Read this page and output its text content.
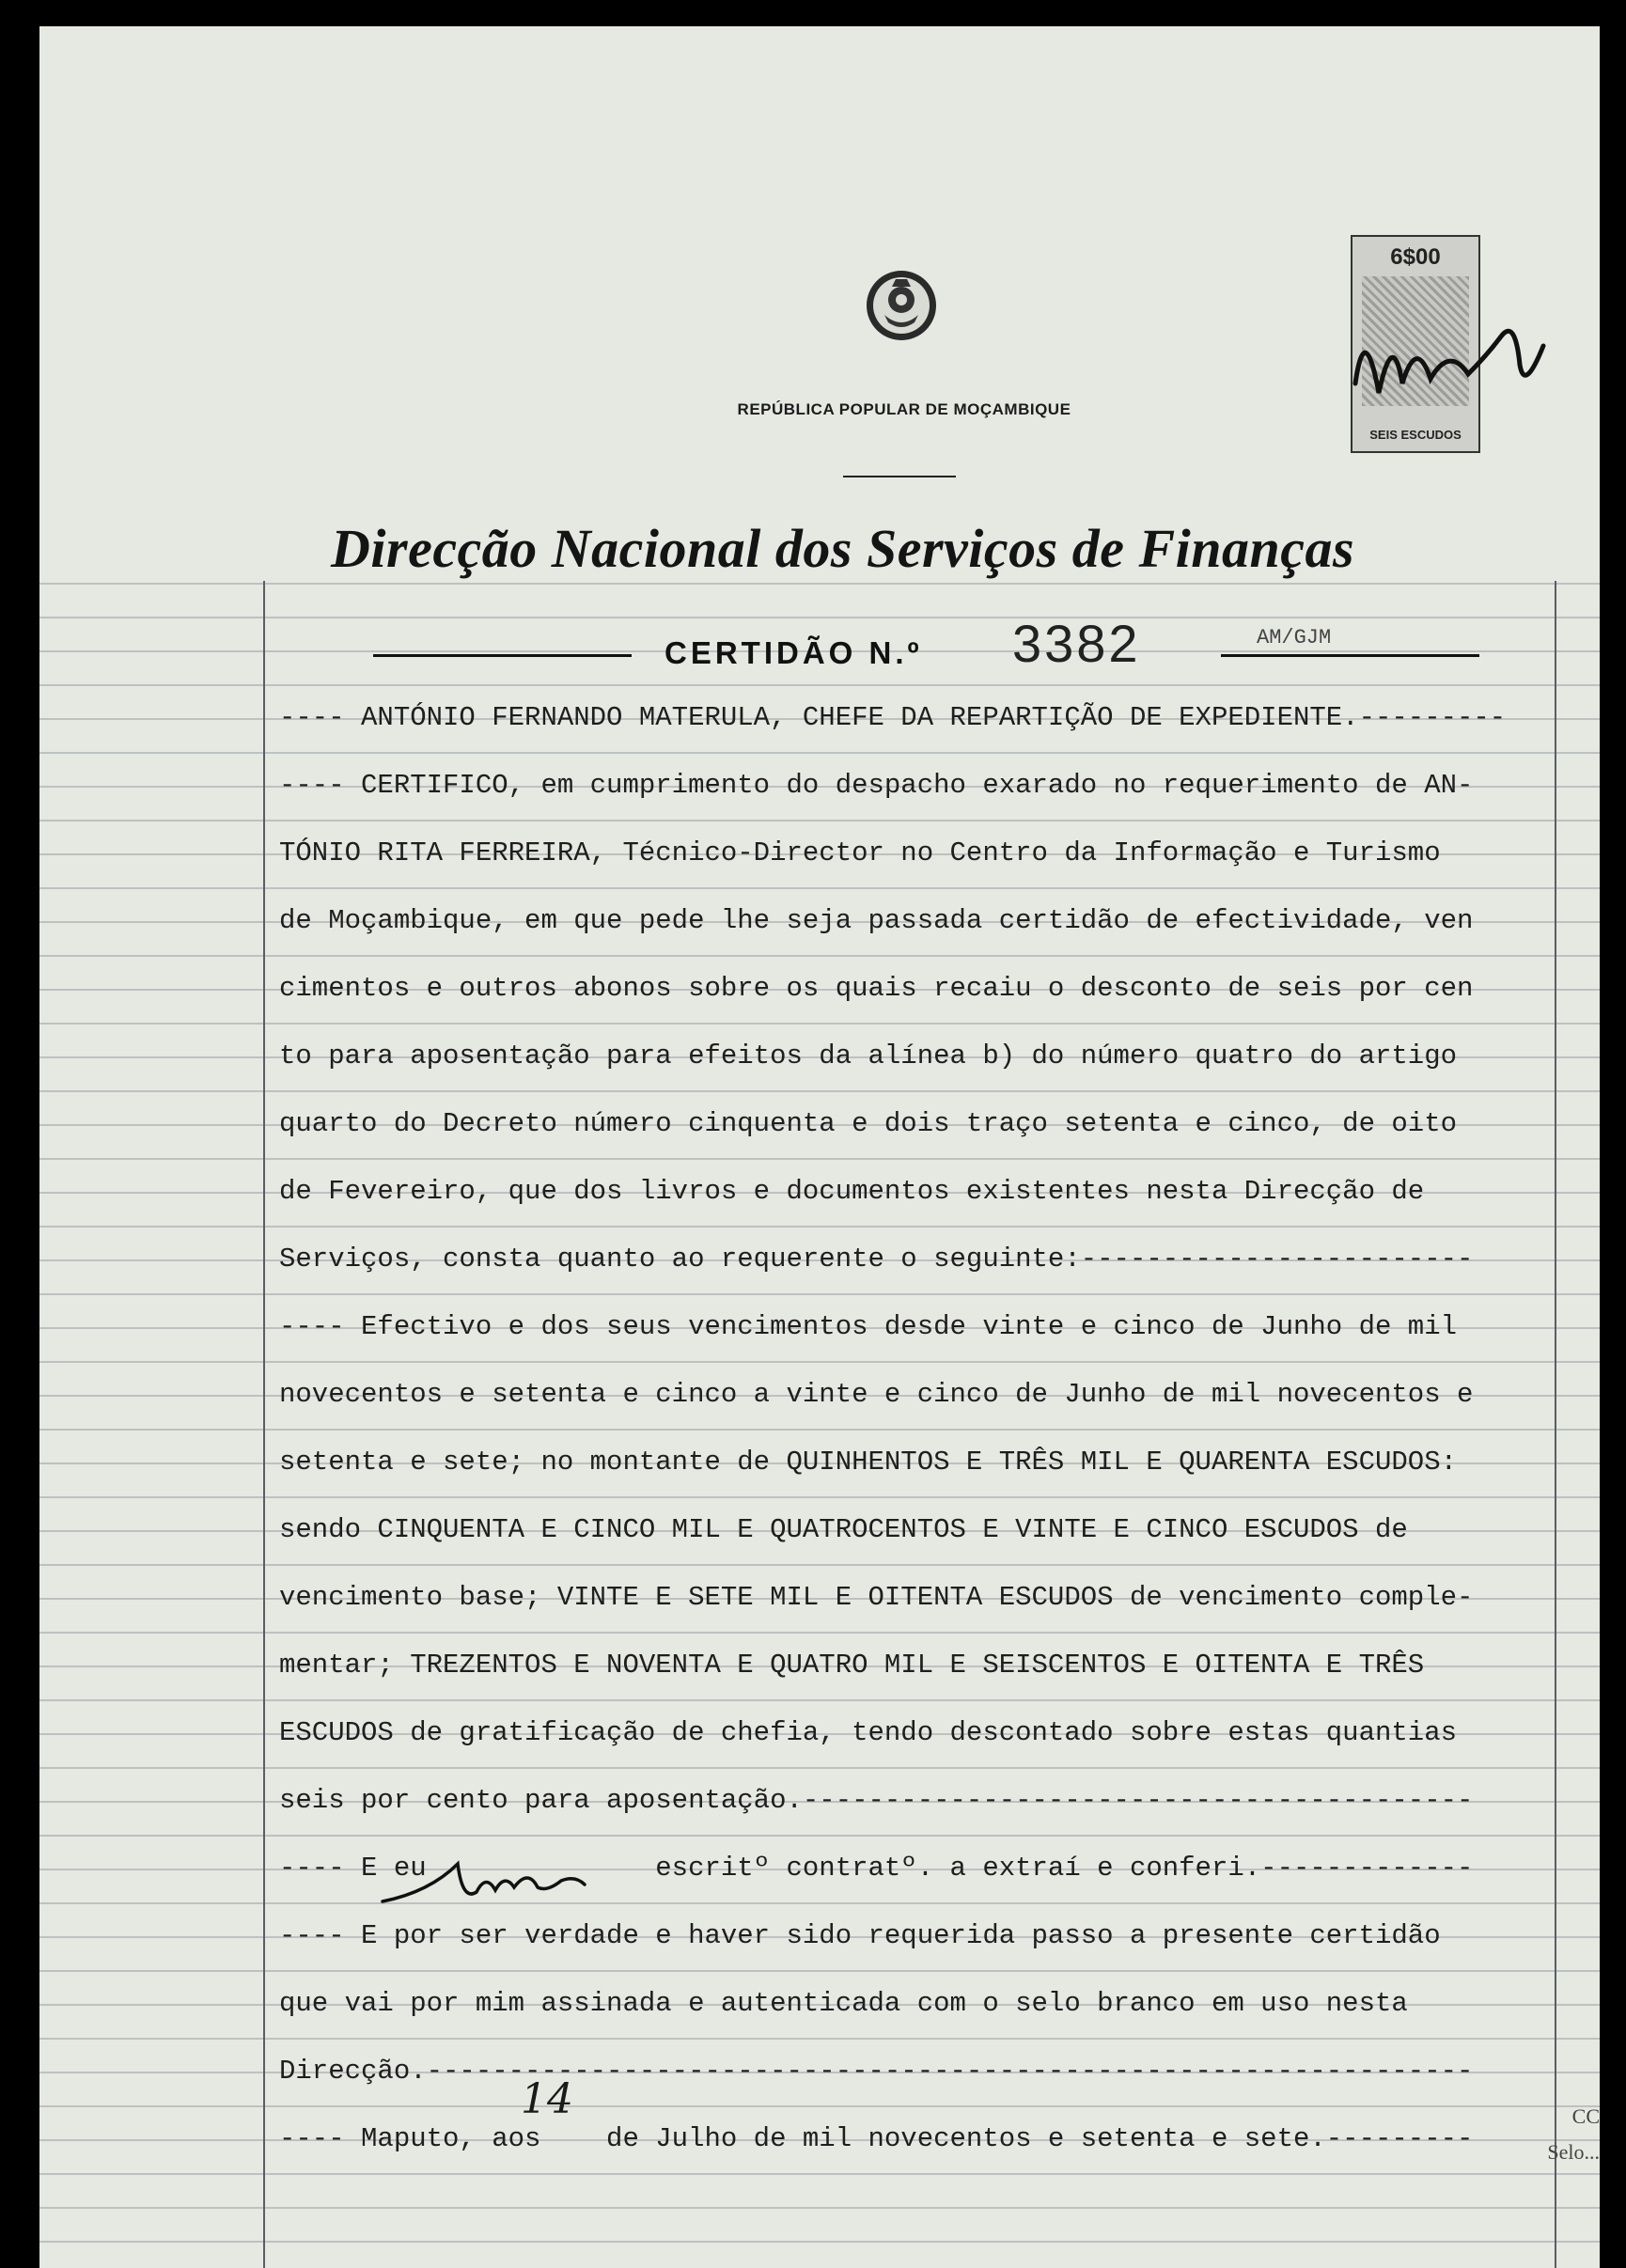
REPÚBLICA POPULAR DE MOÇAMBIQUE
6$00
SEIS ESCUDOS
Direcção Nacional dos Serviços de Finanças
CERTIDÃO N.º 3382	AM/GJM
---- ANTÓNIO FERNANDO MATERULA, CHEFE DA REPARTIÇÃO DE EXPEDIENTE.---------
---- CERTIFICO, em cumprimento do despacho exarado no requerimento de AN-
TÓNIO RITA FERREIRA, Técnico-Director no Centro da Informação e Turismo
de Moçambique, em que pede lhe seja passada certidão de efectividade, ven
cimentos e outros abonos sobre os quais recaiu o desconto de seis por cen
to para aposentação para efeitos da alínea b) do número quatro do artigo
quarto do Decreto número cinquenta e dois traço setenta e cinco, de oito
de Fevereiro, que dos livros e documentos existentes nesta Direcção de
Serviços, consta quanto ao requerente o seguinte:------------------------
---- Efectivo e dos seus vencimentos desde vinte e cinco de Junho de mil
novecentos e setenta e cinco a vinte e cinco de Junho de mil novecentos e
setenta e sete; no montante de QUINHENTOS E TRÊS MIL E QUARENTA ESCUDOS:
sendo CINQUENTA E CINCO MIL E QUATROCENTOS E VINTE E CINCO ESCUDOS de
vencimento base; VINTE E SETE MIL E OITENTA ESCUDOS de vencimento comple-
mentar; TREZENTOS E NOVENTA E QUATRO MIL E SEISCENTOS E OITENTA E TRÊS
ESCUDOS de gratificação de chefia, tendo descontado sobre estas quantias
seis por cento para aposentação.-----------------------------------------
---- E eu              escritº contratº. a extraí e conferi.-------------
---- E por ser verdade e haver sido requerida passo a presente certidão
que vai por mim assinada e autenticada com o selo branco em uso nesta
Direcção.----------------------------------------------------------------
---- Maputo, aos    de Julho de mil novecentos e setenta e sete.---------
14	CC
Selo...
